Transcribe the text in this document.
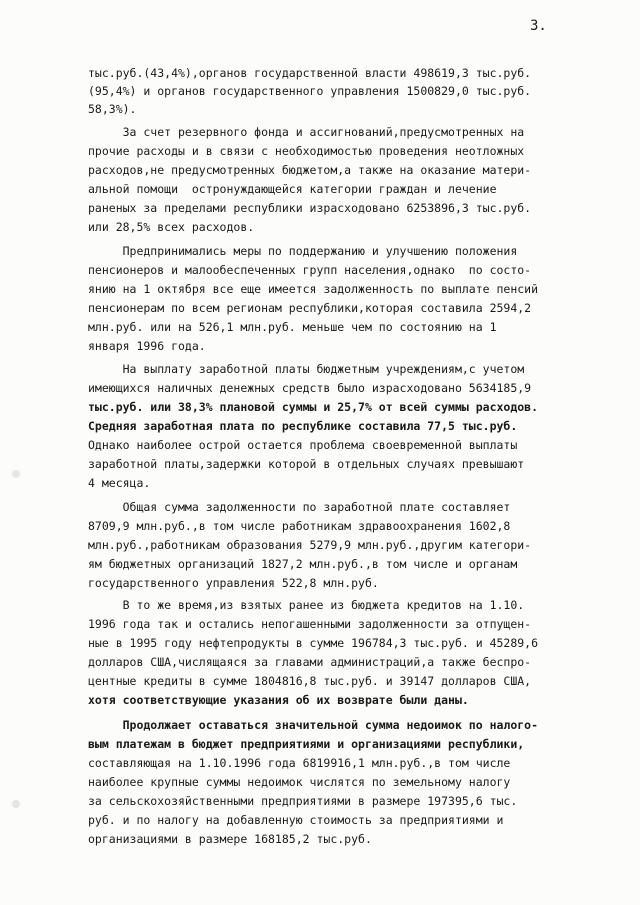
3.
тыс.руб.(43,4%),органов государственной власти 498619,3 тыс.руб.
(95,4%) и органов государственного управления 1500829,0 тыс.руб.
58,3%).
За счет резервного фонда и ассигнований,предусмотренных на
прочие расходы и в связи с необходимостью проведения неотложных
расходов,не предусмотренных бюджетом,а также на оказание матери-
альной помощи  остронуждающейся категории граждан и лечение
раненых за пределами республики израсходовано 6253896,3 тыс.руб.
или 28,5% всех расходов.
Предпринимались меры по поддержанию и улучшению положения
пенсионеров и малообеспеченных групп населения,однако  по состо-
янию на 1 октября все еще имеется задолженность по выплате пенсий
пенсионерам по всем регионам республики,которая составила 2594,2
млн.руб. или на 526,1 млн.руб. меньше чем по состоянию на 1
января 1996 года.
На выплату заработной платы бюджетным учреждениям,с учетом
имеющихся наличных денежных средств было израсходовано 5634185,9
тыс.руб. или 38,3% плановой суммы и 25,7% от всей суммы расходов.
Средняя заработная плата по республике составила 77,5 тыс.руб.
Однако наиболее острой остается проблема своевременной выплаты
заработной платы,задержки которой в отдельных случаях превышают
4 месяца.
Общая сумма задолженности по заработной плате составляет
8709,9 млн.руб.,в том числе работникам здравоохранения 1602,8
млн.руб.,работникам образования 5279,9 млн.руб.,другим категори-
ям бюджетных организаций 1827,2 млн.руб.,в том числе и органам
государственного управления 522,8 млн.руб.
В то же время,из взятых ранее из бюджета кредитов на 1.10.
1996 года так и остались непогашенными задолженности за отпущен-
ные в 1995 году нефтепродукты в сумме 196784,3 тыс.руб. и 45289,6
долларов США,числящаяся за главами администраций,а также беспро-
центные кредиты в сумме 1804816,8 тыс.руб. и 39147 долларов США,
хотя соответствующие указания об их возврате были даны.
Продолжает оставаться значительной сумма недоимок по налого-
вым платежам в бюджет предприятиями и организациями республики,
составляющая на 1.10.1996 года 6819916,1 млн.руб.,в том числе
наиболее крупные суммы недоимок числятся по земельному налогу
за сельскохозяйственными предприятиями в размере 197395,6 тыс.
руб. и по налогу на добавленную стоимость за предприятиями и
организациями в размере 168185,2 тыс.руб.
